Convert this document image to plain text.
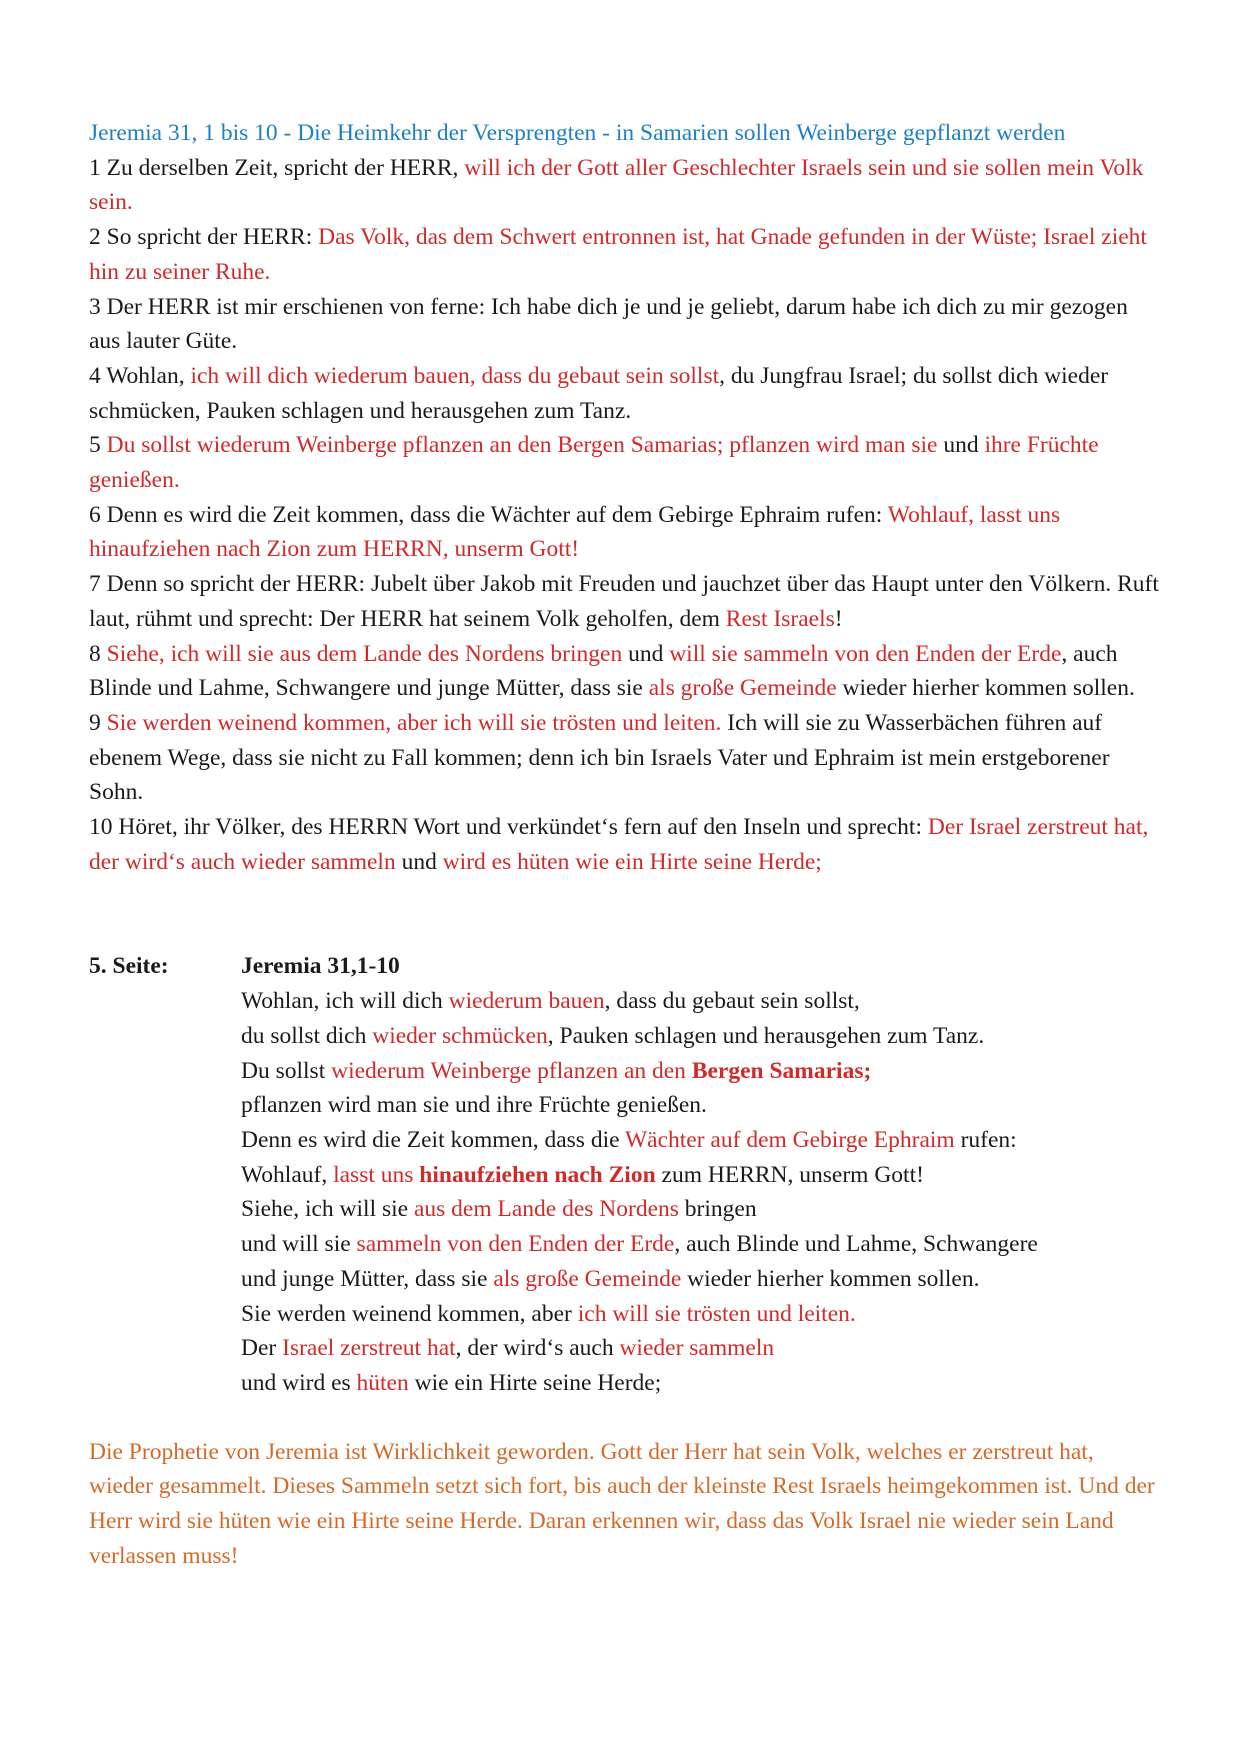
Jeremia 31, 1 bis 10 - Die Heimkehr der Versprengten - in Samarien sollen Weinberge gepflanzt werden

1 Zu derselben Zeit, spricht der HERR, will ich der Gott aller Geschlechter Israels sein und sie sollen mein Volk sein.

2 So spricht der HERR: Das Volk, das dem Schwert entronnen ist, hat Gnade gefunden in der Wüste; Israel zieht hin zu seiner Ruhe.

3 Der HERR ist mir erschienen von ferne: Ich habe dich je und je geliebt, darum habe ich dich zu mir gezogen aus lauter Güte.

4 Wohlan, ich will dich wiederum bauen, dass du gebaut sein sollst, du Jungfrau Israel; du sollst dich wieder schmücken, Pauken schlagen und herausgehen zum Tanz.

5 Du sollst wiederum Weinberge pflanzen an den Bergen Samarias; pflanzen wird man sie und ihre Früchte genießen.

6 Denn es wird die Zeit kommen, dass die Wächter auf dem Gebirge Ephraim rufen: Wohlauf, lasst uns hinaufziehen nach Zion zum HERRN, unserm Gott!

7 Denn so spricht der HERR: Jubelt über Jakob mit Freuden und jauchzet über das Haupt unter den Völkern. Ruft laut, rühmt und sprecht: Der HERR hat seinem Volk geholfen, dem Rest Israels!

8 Siehe, ich will sie aus dem Lande des Nordens bringen und will sie sammeln von den Enden der Erde, auch Blinde und Lahme, Schwangere und junge Mütter, dass sie als große Gemeinde wieder hierher kommen sollen.

9 Sie werden weinend kommen, aber ich will sie trösten und leiten. Ich will sie zu Wasserbächen führen auf ebenem Wege, dass sie nicht zu Fall kommen; denn ich bin Israels Vater und Ephraim ist mein erstgeborener Sohn.

10 Höret, ihr Völker, des HERRN Wort und verkündet‘s fern auf den Inseln und sprecht: Der Israel zerstreut hat, der wird‘s auch wieder sammeln und wird es hüten wie ein Hirte seine Herde;

5. Seite:	Jeremia 31,1-10
Wohlan, ich will dich wiederum bauen, dass du gebaut sein sollst,
du sollst dich wieder schmücken, Pauken schlagen und herausgehen zum Tanz.
Du sollst wiederum Weinberge pflanzen an den Bergen Samarias;
pflanzen wird man sie und ihre Früchte genießen.
Denn es wird die Zeit kommen, dass die Wächter auf dem Gebirge Ephraim rufen:
Wohlauf, lasst uns hinaufziehen nach Zion zum HERRN, unserm Gott!
Siehe, ich will sie aus dem Lande des Nordens bringen
und will sie sammeln von den Enden der Erde, auch Blinde und Lahme, Schwangere
und junge Mütter, dass sie als große Gemeinde wieder hierher kommen sollen.
Sie werden weinend kommen, aber ich will sie trösten und leiten.
Der Israel zerstreut hat, der wird‘s auch wieder sammeln
und wird es hüten wie ein Hirte seine Herde;
Die Prophetie von Jeremia ist Wirklichkeit geworden. Gott der Herr hat sein Volk, welches er zerstreut hat, wieder gesammelt. Dieses Sammeln setzt sich fort, bis auch der kleinste Rest Israels heimgekommen ist. Und der Herr wird sie hüten wie ein Hirte seine Herde. Daran erkennen wir, dass das Volk Israel nie wieder sein Land verlassen muss!
